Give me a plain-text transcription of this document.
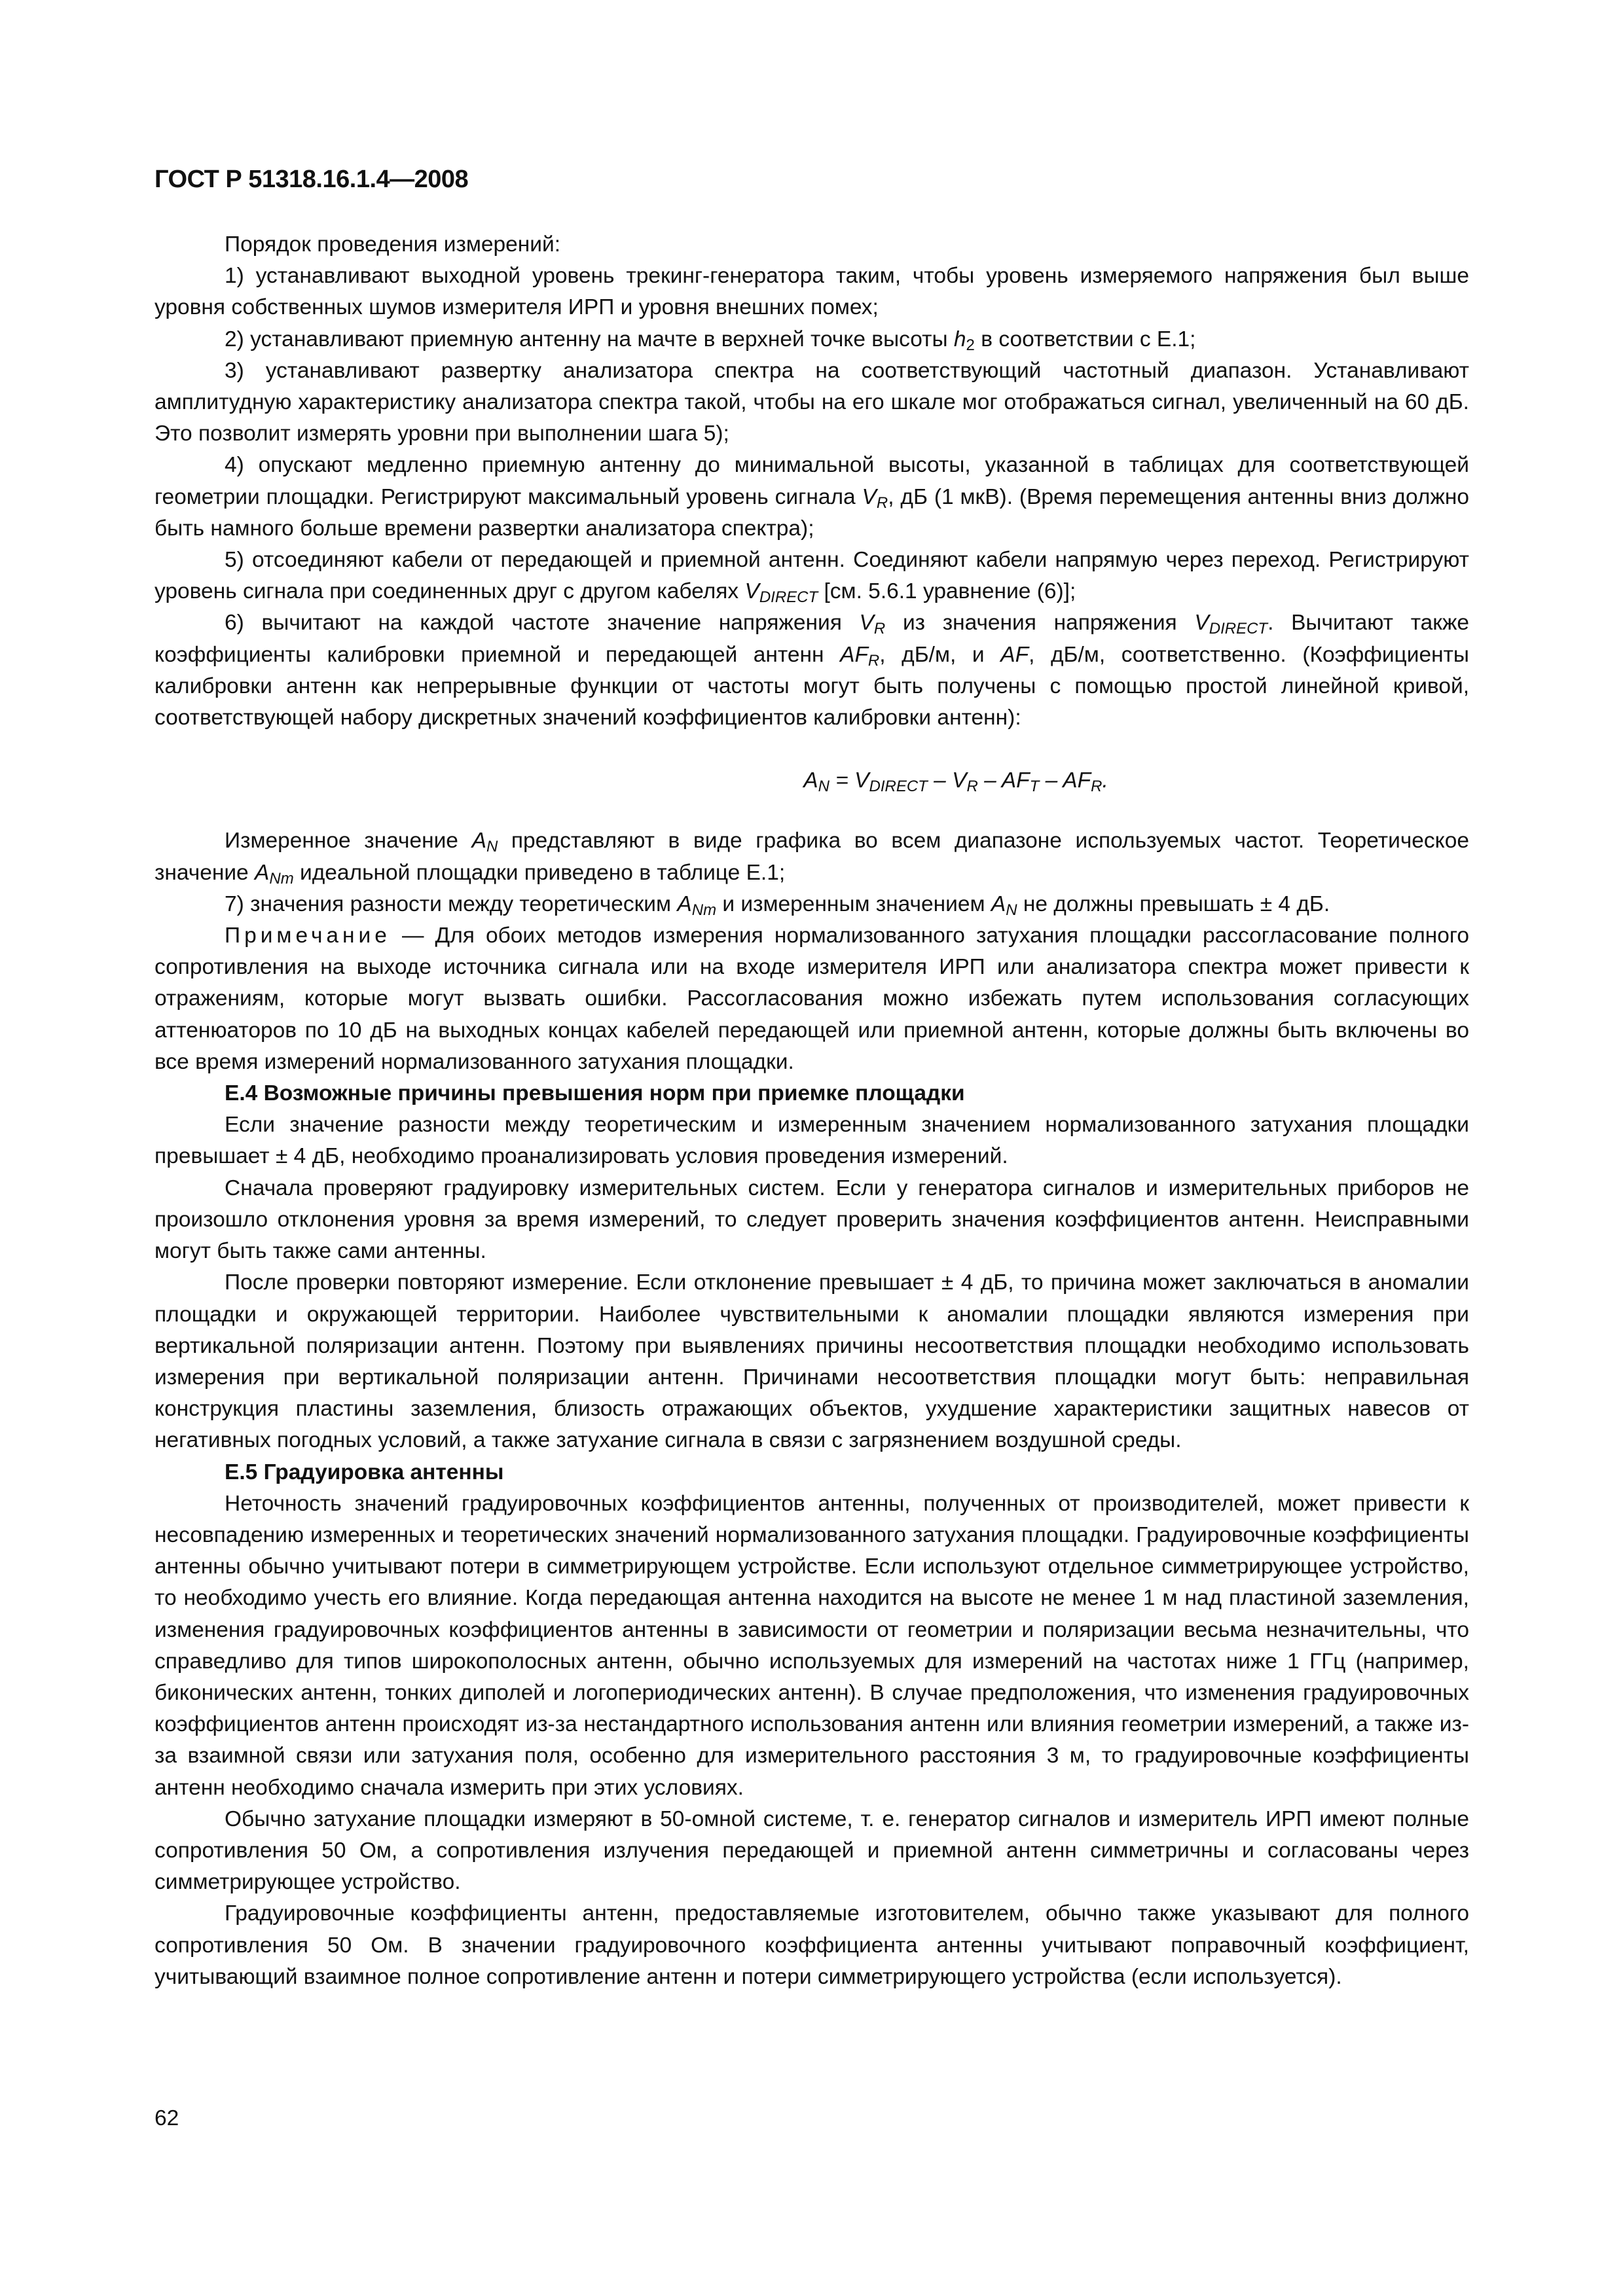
ГОСТ Р 51318.16.1.4—2008

Порядок проведения измерений:

1) устанавливают выходной уровень трекинг-генератора таким, чтобы уровень измеряемого напряжения был выше уровня собственных шумов измерителя ИРП и уровня внешних помех;

2) устанавливают приемную антенну на мачте в верхней точке высоты $h_2$ в соответствии с Е.1;

3) устанавливают развертку анализатора спектра на соответствующий частотный диапазон. Устанавливают амплитудную характеристику анализатора спектра такой, чтобы на его шкале мог отображаться сигнал, увеличенный на 60 дБ. Это позволит измерять уровни при выполнении шага 5);

4) опускают медленно приемную антенну до минимальной высоты, указанной в таблицах для соответствующей геометрии площадки. Регистрируют максимальный уровень сигнала $V_R$, дБ (1 мкВ). (Время перемещения антенны вниз должно быть намного больше времени развертки анализатора спектра);

5) отсоединяют кабели от передающей и приемной антенн. Соединяют кабели напрямую через переход. Регистрируют уровень сигнала при соединенных друг с другом кабелях $V_{DIRECT}$ [см. 5.6.1 уравнение (6)];

6) вычитают на каждой частоте значение напряжения $V_R$ из значения напряжения $V_{DIRECT}$. Вычитают также коэффициенты калибровки приемной и передающей антенн $AF_R$, дБ/м, и AF, дБ/м, соответственно. (Коэффициенты калибровки антенн как непрерывные функции от частоты могут быть получены с помощью простой линейной кривой, соответствующей набору дискретных значений коэффициентов калибровки антенн):

$A_N = V_{DIRECT} - V_R - AF_T - AF_R$.

Измеренное значение $A_N$ представляют в виде графика во всем диапазоне используемых частот. Теоретическое значение $A_{Nm}$ идеальной площадки приведено в таблице Е.1;

7) значения разности между теоретическим $A_{Nm}$ и измеренным значением $A_N$ не должны превышать ± 4 дБ.

Примечание — Для обоих методов измерения нормализованного затухания площадки рассогласование полного сопротивления на выходе источника сигнала или на входе измерителя ИРП или анализатора спектра может привести к отражениям, которые могут вызвать ошибки. Рассогласования можно избежать путем использования согласующих аттенюаторов по 10 дБ на выходных концах кабелей передающей или приемной антенн, которые должны быть включены во все время измерений нормализованного затухания площадки.

Е.4 Возможные причины превышения норм при приемке площадки

Если значение разности между теоретическим и измеренным значением нормализованного затухания площадки превышает ± 4 дБ, необходимо проанализировать условия проведения измерений.

Сначала проверяют градуировку измерительных систем. Если у генератора сигналов и измерительных приборов не произошло отклонения уровня за время измерений, то следует проверить значения коэффициентов антенн. Неисправными могут быть также сами антенны.

После проверки повторяют измерение. Если отклонение превышает ± 4 дБ, то причина может заключаться в аномалии площадки и окружающей территории. Наиболее чувствительными к аномалии площадки являются измерения при вертикальной поляризации антенн. Поэтому при выявлениях причины несоответствия площадки необходимо использовать измерения при вертикальной поляризации антенн. Причинами несоответствия площадки могут быть: неправильная конструкция пластины заземления, близость отражающих объектов, ухудшение характеристики защитных навесов от негативных погодных условий, а также затухание сигнала в связи с загрязнением воздушной среды.

Е.5 Градуировка антенны

Неточность значений градуировочных коэффициентов антенны, полученных от производителей, может привести к несовпадению измеренных и теоретических значений нормализованного затухания площадки. Градуировочные коэффициенты антенны обычно учитывают потери в симметрирующем устройстве. Если используют отдельное симметрирующее устройство, то необходимо учесть его влияние. Когда передающая антенна находится на высоте не менее 1 м над пластиной заземления, изменения градуировочных коэффициентов антенны в зависимости от геометрии и поляризации весьма незначительны, что справедливо для типов широкополосных антенн, обычно используемых для измерений на частотах ниже 1 ГГц (например, биконических антенн, тонких диполей и логопериодических антенн). В случае предположения, что изменения градуировочных коэффициентов антенн происходят из-за нестандартного использования антенн или влияния геометрии измерений, а также из-за взаимной связи или затухания поля, особенно для измерительного расстояния 3 м, то градуировочные коэффициенты антенн необходимо сначала измерить при этих условиях.

Обычно затухание площадки измеряют в 50-омной системе, т. е. генератор сигналов и измеритель ИРП имеют полные сопротивления 50 Ом, а сопротивления излучения передающей и приемной антенн симметричны и согласованы через симметрирующее устройство.

Градуировочные коэффициенты антенн, предоставляемые изготовителем, обычно также указывают для полного сопротивления 50 Ом. В значении градуировочного коэффициента антенны учитывают поправочный коэффициент, учитывающий взаимное полное сопротивление антенн и потери симметрирующего устройства (если используется).

62
